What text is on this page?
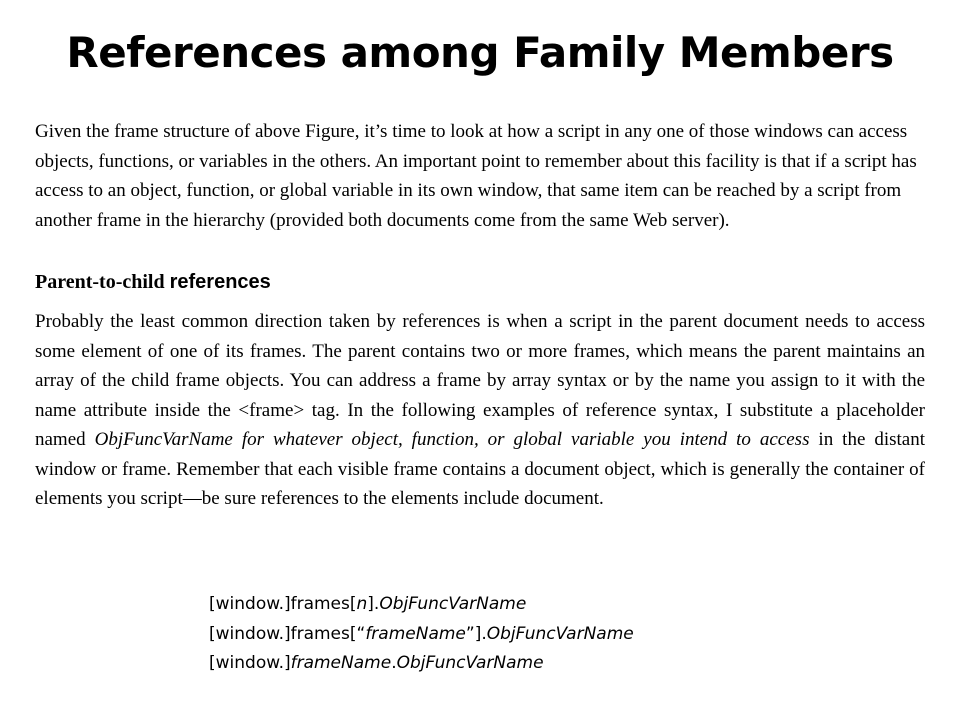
References among Family Members

Given the frame structure of above Figure, it’s time to look at how a script in any one of those windows can access objects, functions, or variables in the others. An important point to remember about this facility is that if a script has access to an object, function, or global variable in its own window, that same item can be reached by a script from another frame in the hierarchy (provided both documents come from the same Web server).

Parent-to-child references

Probably the least common direction taken by references is when a script in the parent document needs to access some element of one of its frames. The parent contains two or more frames, which means the parent maintains an array of the child frame objects. You can address a frame by array syntax or by the name you assign to it with the name attribute inside the <frame> tag. In the following examples of reference syntax, I substitute a placeholder named ObjFuncVarName for whatever object, function, or global variable you intend to access in the distant window or frame. Remember that each visible frame contains a document object, which is generally the container of elements you script—be sure references to the elements include document.

[window.]frames[n].ObjFuncVarName
[window.]frames[“frameName”].ObjFuncVarName
[window.]frameName.ObjFuncVarName
